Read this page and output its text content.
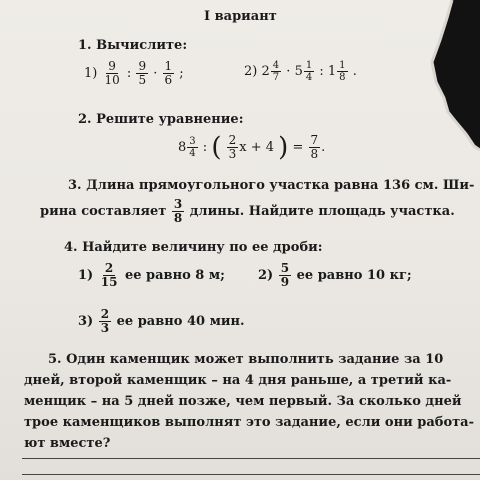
I вариант
1. Вычислите:
$1) \frac{9}{10}$ : $\frac{9}{5} \cdot \frac{1}{6}$ ;	2) $2 \frac{4}{7} \cdot 5 \frac{1}{4}$ : $1 \frac{1}{8}$ .
2. Решите уравнение:
$8 \frac{3}{4}$ : ( $\frac{2}{3}$ x + 4 ) = $\frac{7}{8}$ .
3. Длина прямоугольного участка равна 136 см. Ши-
рина составляет $\frac{3}{8}$ длины. Найдите площадь участка.
4. Найдите величину по ее дроби:
$1) \frac{2}{15}$ ее равно 8 м;	$2) \frac{5}{9}$ ее равно 10 кг;
$3) \frac{2}{3}$ ее равно 40 мин.
5. Один каменщик может выполнить задание за 10
дней, второй каменщик – на 4 дня раньше, а третий ка-
менщик – на 5 дней позже, чем первый. За сколько дней
трое каменщиков выполнят это задание, если они работа-
ют вместе?
